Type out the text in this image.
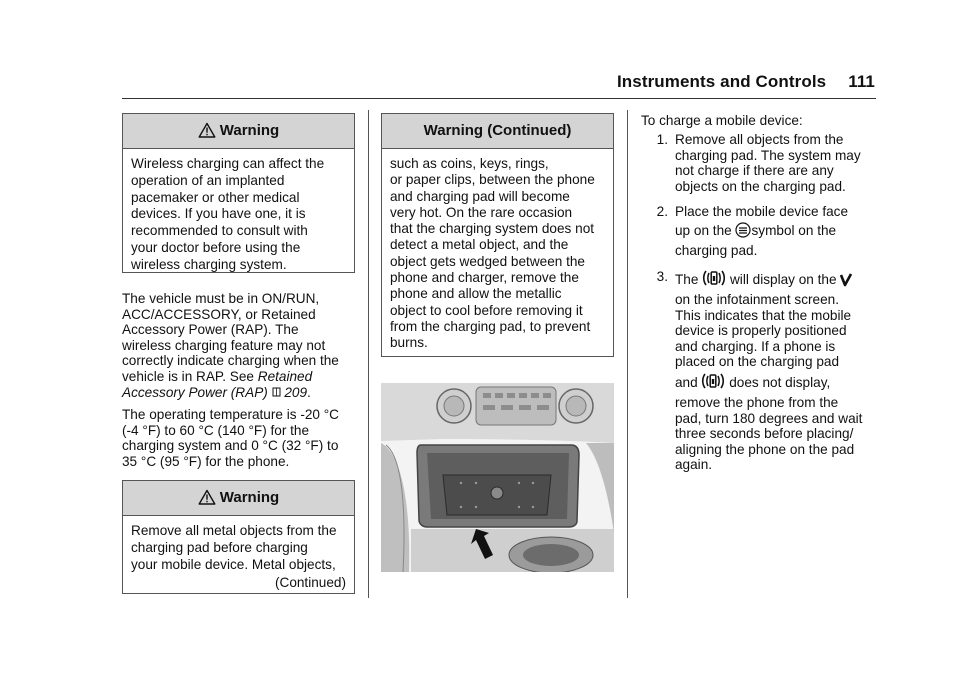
Instruments and Controls 111
Warning

Wireless charging can affect the

operation of an implanted

pacemaker or other medical

devices. If you have one, it is

recommended to consult with

your doctor before using the

wireless charging system.

The vehicle must be in ON/RUN,
ACC/ACCESSORY, or Retained
Accessory Power (RAP). The
wireless charging feature may not
correctly indicate charging when the
vehicle is in RAP. See Retained
Accessory Power (RAP) 209.
The operating temperature is -20 °C
(-4 °F) to 60 °C (140 °F) for the
charging system and 0 °C (32 °F) to
35 °C (95 °F) for the phone.
Warning

Remove all metal objects from the

charging pad before charging

your mobile device. Metal objects,

(Continued)

Warning (Continued)

such as coins, keys, rings,

or paper clips, between the phone

and charging pad will become

very hot. On the rare occasion

that the charging system does not

detect a metal object, and the

object gets wedged between the

phone and charger, remove the

phone and allow the metallic

object to cool before removing it

from the charging pad, to prevent

burns.

To charge a mobile device:
1. Remove all objects from the
charging pad. The system may
not charge if there are any
objects on the charging pad.
2. Place the mobile device face
up on the symbol on the
charging pad.
3. The  will display on the
on the infotainment screen.
This indicates that the mobile
device is properly positioned
and charging. If a phone is
placed on the charging pad
and  does not display,
remove the phone from the
pad, turn 180 degrees and wait
three seconds before placing/
aligning the phone on the pad
again.
